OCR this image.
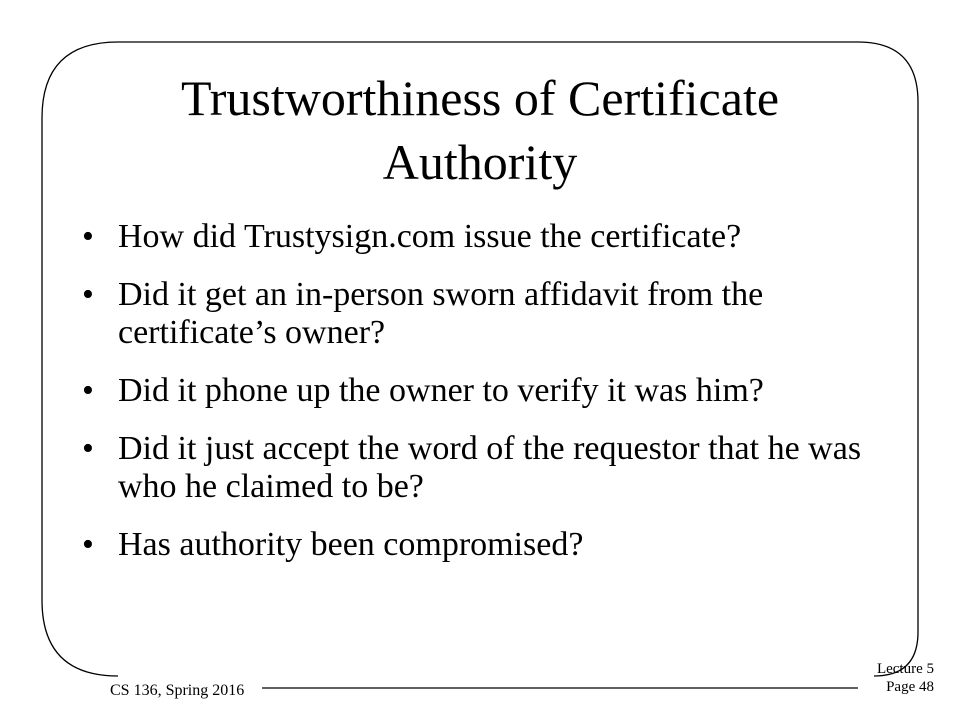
Trustworthiness of Certificate
Authority
• How did Trustysign.com issue the certificate?
• Did it get an in-person sworn affidavit from the certificate’s owner?
• Did it phone up the owner to verify it was him?
• Did it just accept the word of the requestor that he was who he claimed to be?
• Has authority been compromised?
CS 136, Spring 2016
Lecture 5
Page 48
